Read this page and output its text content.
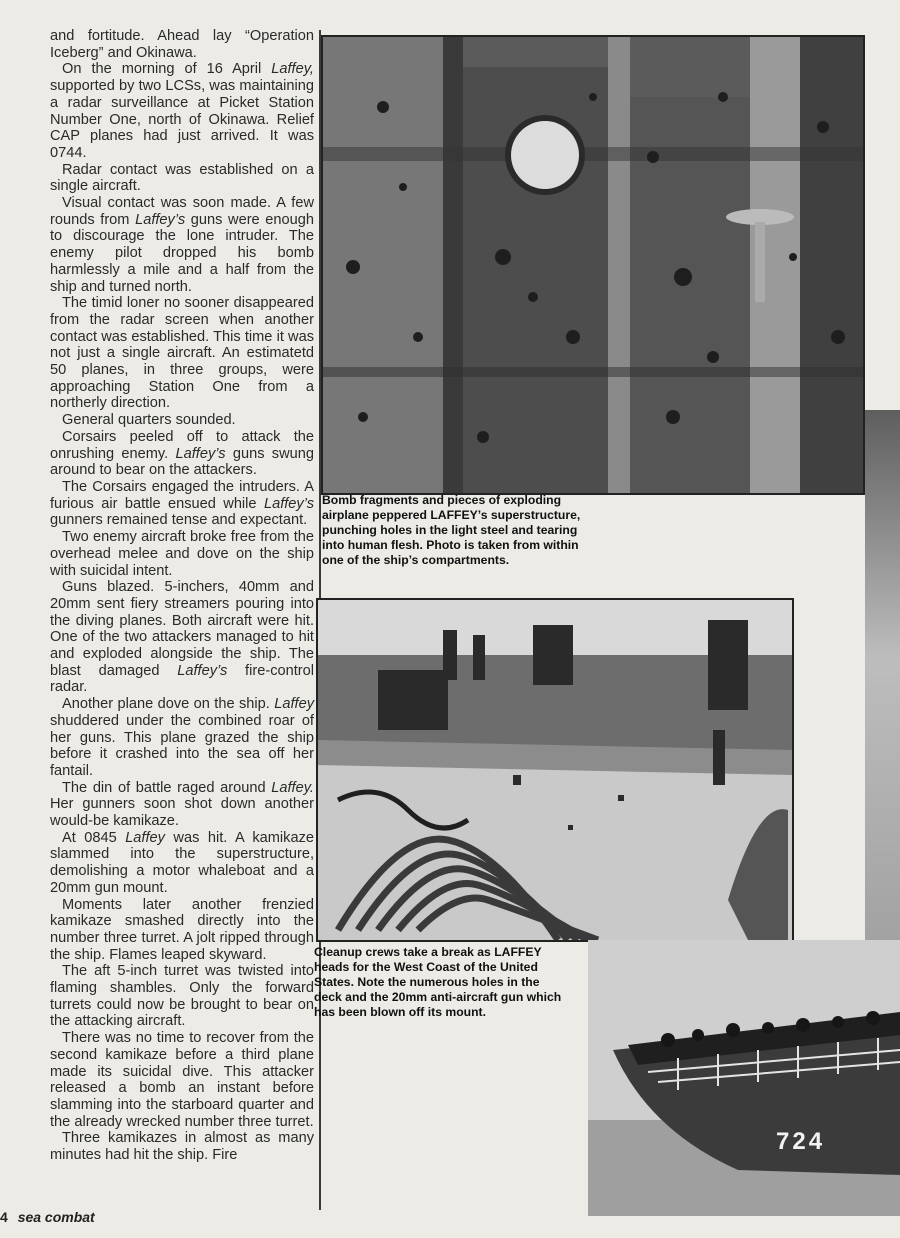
and fortitude. Ahead lay “Operation Iceberg” and Okinawa.

On the morning of 16 April Laffey, supported by two LCSs, was maintaining a radar surveillance at Picket Station Number One, north of Okinawa. Relief CAP planes had just arrived. It was 0744.

Radar contact was established on a single aircraft.

Visual contact was soon made. A few rounds from Laffey’s guns were enough to discourage the lone intruder. The enemy pilot dropped his bomb harmlessly a mile and a half from the ship and turned north.

The timid loner no sooner disappeared from the radar screen when another contact was established. This time it was not just a single aircraft. An estimatetd 50 planes, in three groups, were approaching Station One from a northerly direction.

General quarters sounded.

Corsairs peeled off to attack the onrushing enemy. Laffey’s guns swung around to bear on the attackers.

The Corsairs engaged the intruders. A furious air battle ensued while Laffey’s gunners remained tense and expectant.

Two enemy aircraft broke free from the overhead melee and dove on the ship with suicidal intent.

Guns blazed. 5-inchers, 40mm and 20mm sent fiery streamers pouring into the diving planes. Both aircraft were hit. One of the two attackers managed to hit and exploded alongside the ship. The blast damaged Laffey’s fire-control radar.

Another plane dove on the ship. Laffey shuddered under the combined roar of her guns. This plane grazed the ship before it crashed into the sea off her fantail.

The din of battle raged around Laffey. Her gunners soon shot down another would-be kamikaze.

At 0845 Laffey was hit. A kamikaze slammed into the superstructure, demolishing a motor whaleboat and a 20mm gun mount.

Moments later another frenzied kamikaze smashed directly into the number three turret. A jolt ripped through the ship. Flames leaped skyward.

The aft 5-inch turret was twisted into flaming shambles. Only the forward turrets could now be brought to bear on the attacking aircraft.

There was no time to recover from the second kamikaze before a third plane made its suicidal dive. This attacker released a bomb an instant before slamming into the starboard quarter and the already wrecked number three turret.

Three kamikazes in almost as many minutes had hit the ship. Fire

Bomb fragments and pieces of exploding airplane peppered LAFFEY’s superstructure, punching holes in the light steel and tearing into human flesh. Photo is taken from within one of the ship’s compartments.
Cleanup crews take a break as LAFFEY heads for the West Coast of the United States. Note the numerous holes in the deck and the 20mm anti-aircraft gun which has been blown off its mount.
724
4 sea combat
